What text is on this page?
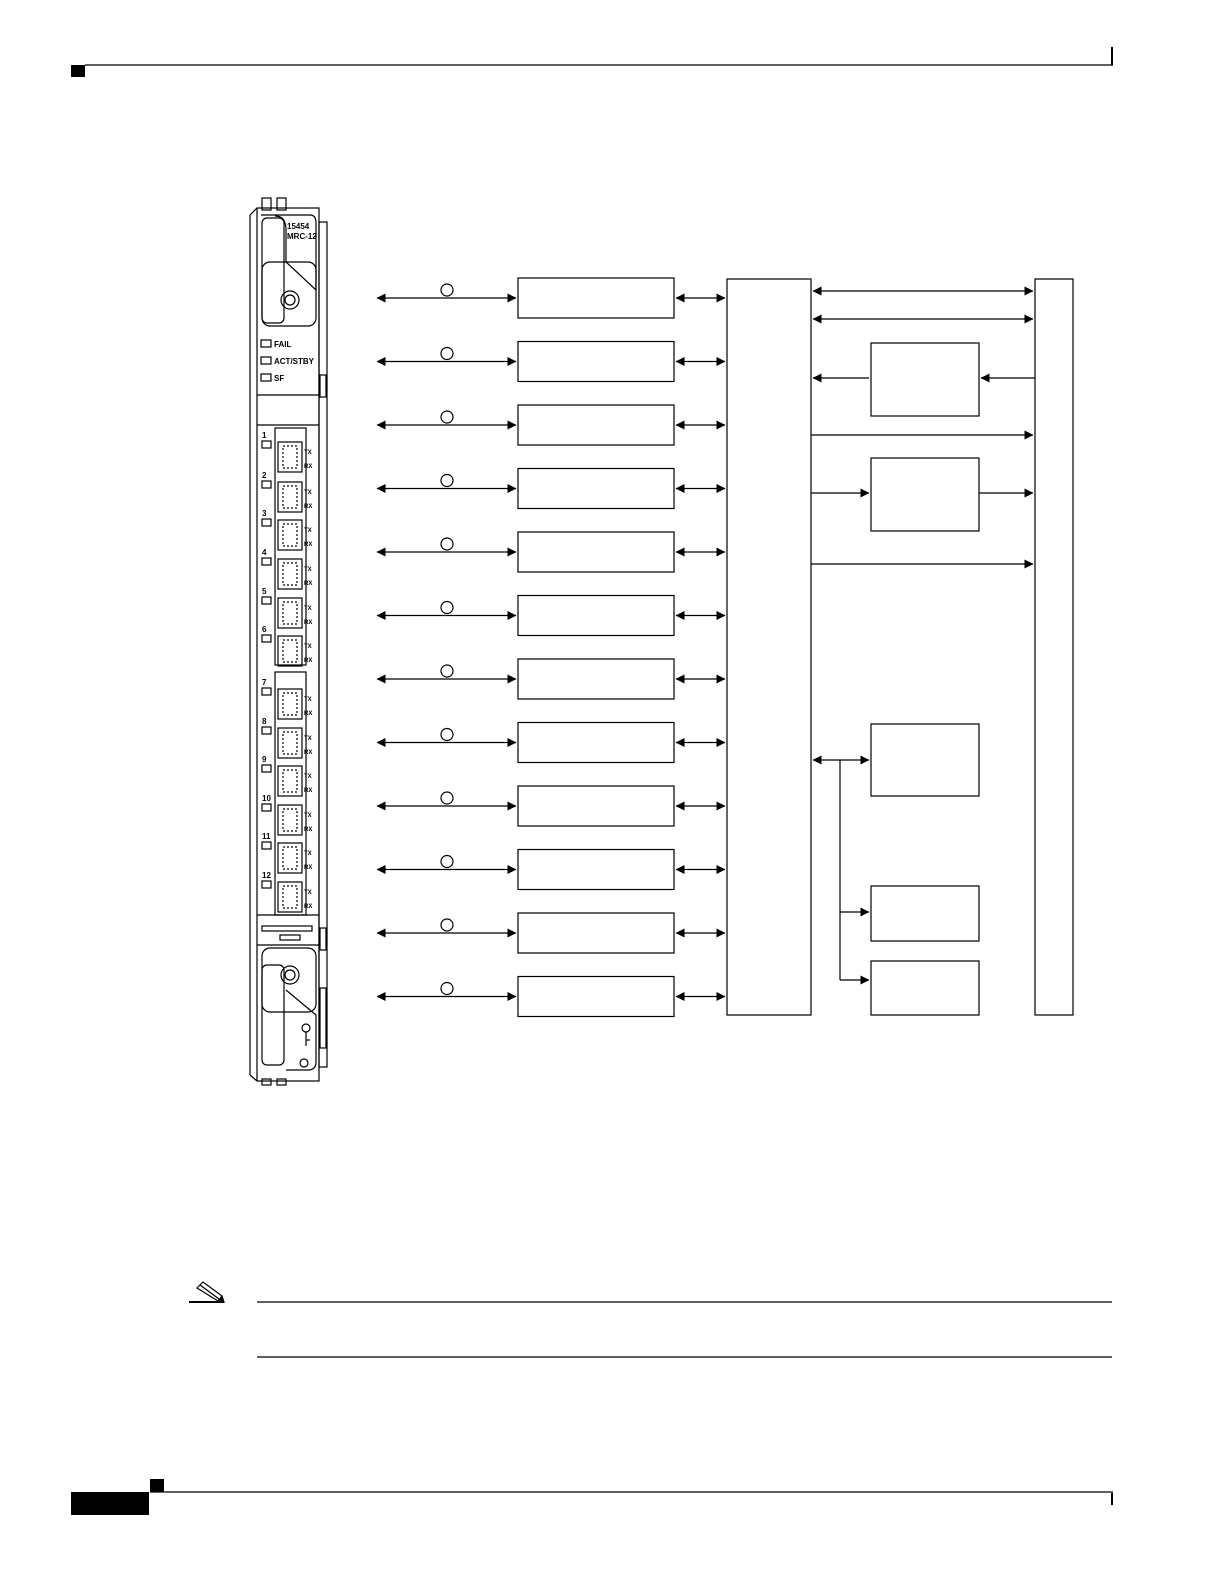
15454
MRC-12
FAIL
ACT/STBY
SF
1
TX
RX
2
TX
RX
3
TX
RX
4
TX
RX
5
TX
RX
6
TX
RX
7
TX
RX
8
TX
RX
9
TX
RX
10
TX
RX
11
TX
RX
12
TX
RX
